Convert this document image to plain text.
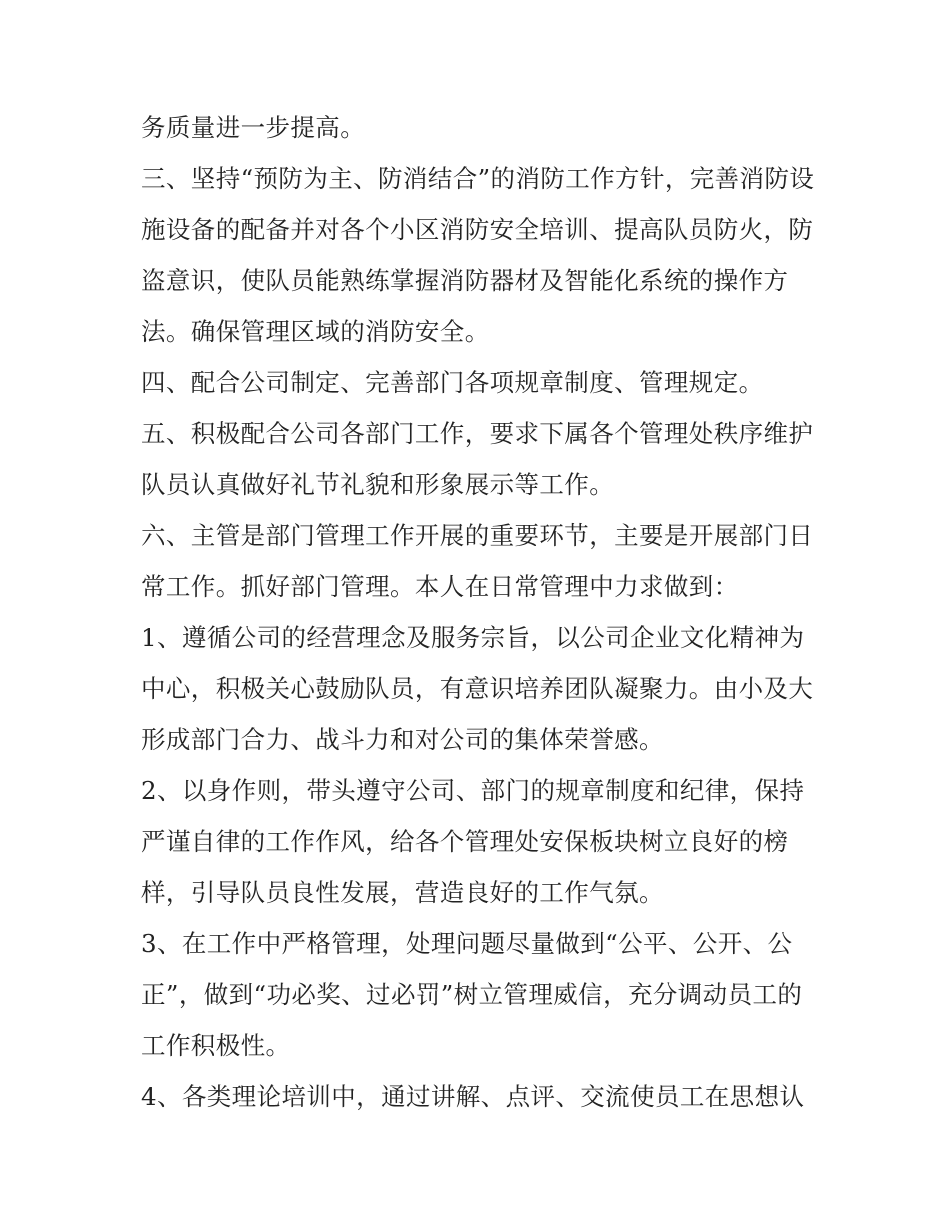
务质量进一步提高。
三、坚持“预防为主、防消结合”的消防工作方针，完善消防设
施设备的配备并对各个小区消防安全培训、提高队员防火，防
盗意识，使队员能熟练掌握消防器材及智能化系统的操作方
法。确保管理区域的消防安全。
四、配合公司制定、完善部门各项规章制度、管理规定。
五、积极配合公司各部门工作，要求下属各个管理处秩序维护
队员认真做好礼节礼貌和形象展示等工作。
六、主管是部门管理工作开展的重要环节，主要是开展部门日
常工作。抓好部门管理。本人在日常管理中力求做到：
1、遵循公司的经营理念及服务宗旨，以公司企业文化精神为
中心，积极关心鼓励队员，有意识培养团队凝聚力。由小及大
形成部门合力、战斗力和对公司的集体荣誉感。
2、以身作则，带头遵守公司、部门的规章制度和纪律，保持
严谨自律的工作作风，给各个管理处安保板块树立良好的榜
样，引导队员良性发展，营造良好的工作气氛。
3、在工作中严格管理，处理问题尽量做到“公平、公开、公
正”，做到“功必奖、过必罚”树立管理威信，充分调动员工的
工作积极性。
4、各类理论培训中，通过讲解、点评、交流使员工在思想认
